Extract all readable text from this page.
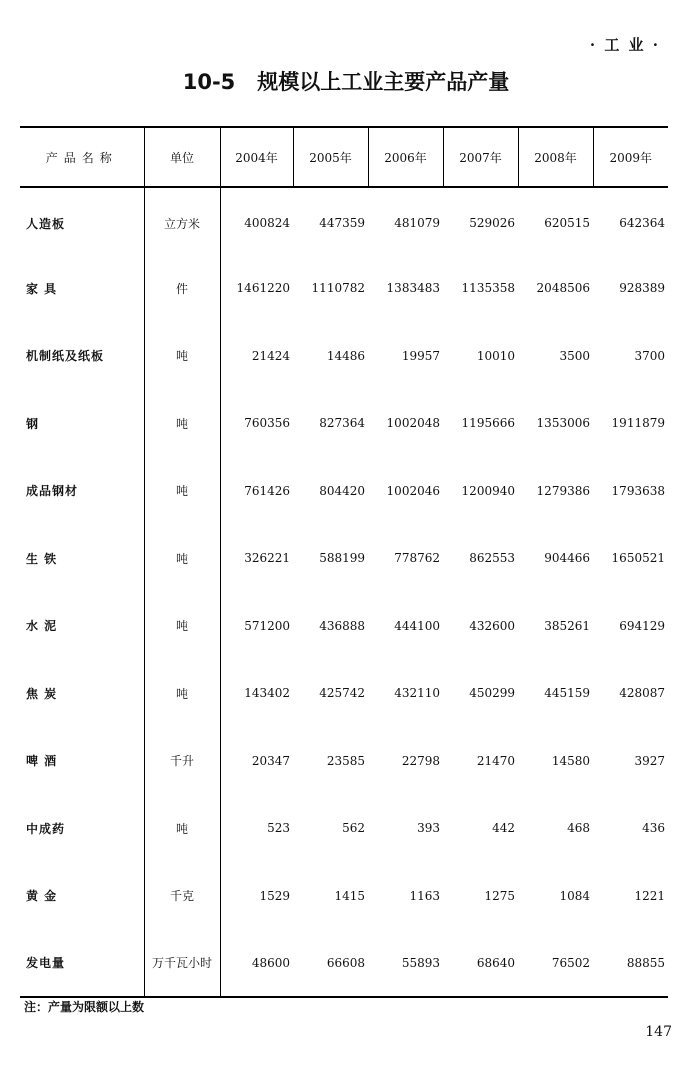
· 工 业 ·
10-5 规模以上工业主要产品产量
产品名称	单位	2004年	2005年	2006年	2007年	2008年	2009年
人造板	立方米	400824	447359	481079	529026	620515	642364
家 具	件	1461220	1110782	1383483	1135358	2048506	928389
机制纸及纸板	吨	21424	14486	19957	10010	3500	3700
钢	吨	760356	827364	1002048	1195666	1353006	1911879
成品钢材	吨	761426	804420	1002046	1200940	1279386	1793638
生 铁	吨	326221	588199	778762	862553	904466	1650521
水 泥	吨	571200	436888	444100	432600	385261	694129
焦 炭	吨	143402	425742	432110	450299	445159	428087
啤 酒	千升	20347	23585	22798	21470	14580	3927
中成药	吨	523	562	393	442	468	436
黄 金	千克	1529	1415	1163	1275	1084	1221
发电量	万千瓦小时	48600	66608	55893	68640	76502	88855
注：产量为限额以上数
147
